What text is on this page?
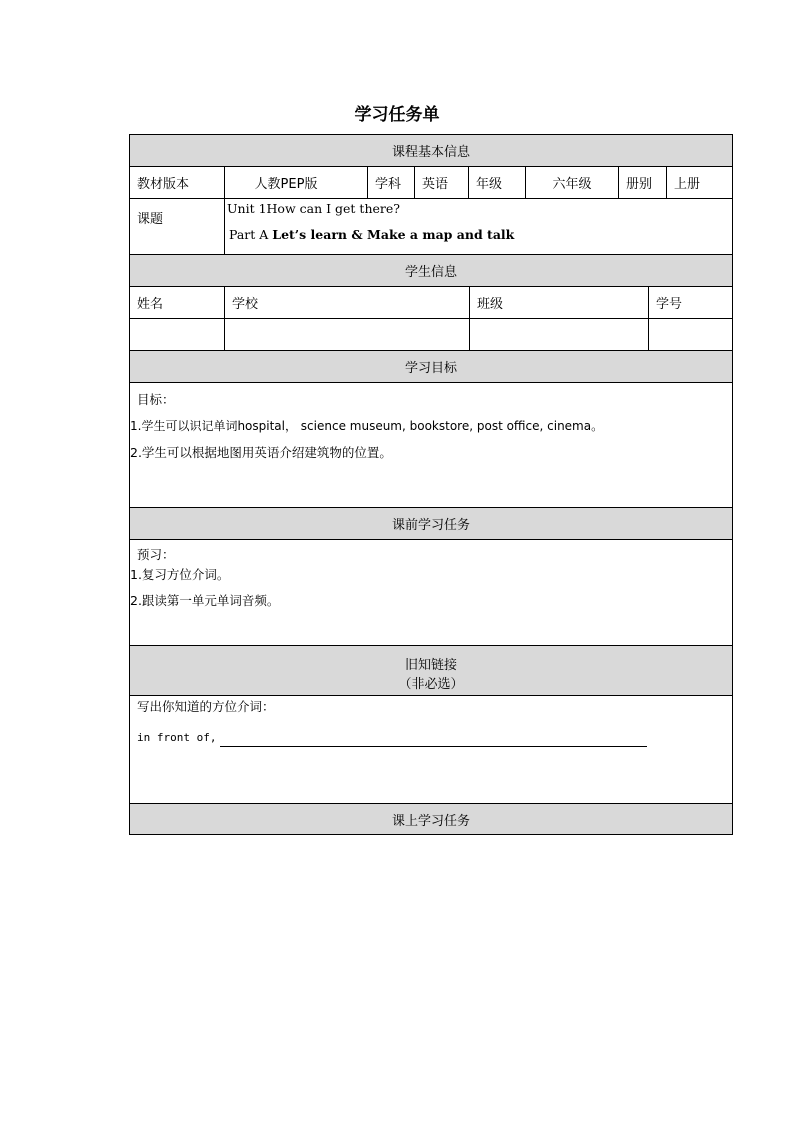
学习任务单
课程基本信息
教材版本	人教PEP版	学科	英语	年级	六年级	册别	上册
课题
Unit 1How can I get there?
Part A Let’s learn & Make a map and talk
学生信息
姓名	学校	班级	学号
学习目标
目标：
1.学生可以识记单词hospital， science museum, bookstore, post office, cinema。
2.学生可以根据地图用英语介绍建筑物的位置。
课前学习任务
预习：
1.复习方位介词。
2.跟读第一单元单词音频。
旧知链接
（非必选）
写出你知道的方位介词：
in front of,
课上学习任务
